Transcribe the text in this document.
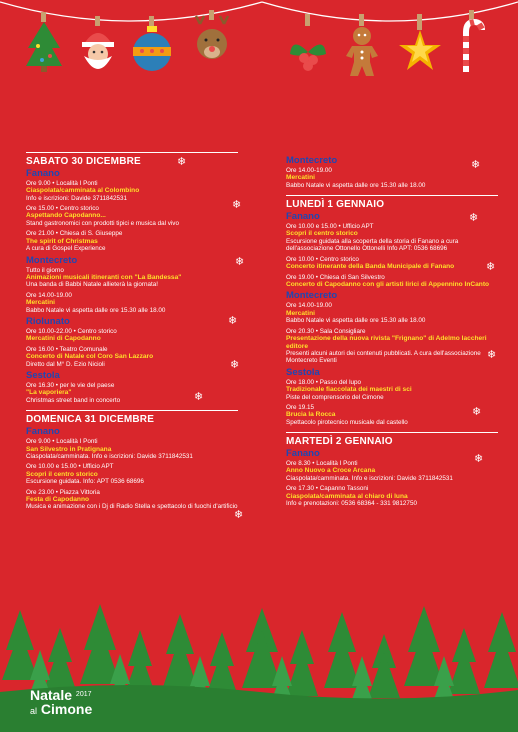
❄
❄
❄
❄
❄
❄
❄
❄
❄
❄
❄
❄
❄
SABATO 30 DICEMBRE
Fanano
Ore 9.00 • Località I Ponti
Ciaspolata/camminata al Colombino
Info e iscrizioni: Davide 3711842531
Ore 15.00 • Centro storico
Aspettando Capodanno...
Stand gastronomici con prodotti tipici e musica dal vivo
Ore 21.00 • Chiesa di S. Giuseppe
The spirit of Christmas
A cura di Gospel Experience
Montecreto
Tutto il giorno
Animazioni musicali itineranti con "La Bandessa"
Una banda di Babbi Natale allieterà la giornata!
Ore 14.00-19.00
Mercatini
Babbo Natale vi aspetta dalle ore 15.30 alle 18.00
Riolunato
Ore 10.00-22.00 • Centro storico
Mercatini di Capodanno
Ore 16.00 • Teatro Comunale
Concerto di Natale col Coro San Lazzaro
Diretto dal M° D. Ezio Nicioli
Sestola
Ore 16.30 • per le vie del paese
"La vaporiera"
Christmas street band in concerto
DOMENICA 31 DICEMBRE
Fanano
Ore 9.00 • Località I Ponti
San Silvestro in Pratignana
Ciaspolata/camminata. Info e iscrizioni: Davide 3711842531
Ore 10.00 e 15.00 • Ufficio APT
Scopri il centro storico
Escursione guidata. Info: APT 0536 68696
Ore 23.00 • Piazza Vittoria
Festa di Capodanno
Musica e animazione con i Dj di Radio Stella e spettacolo di fuochi d'artificio
Montecreto
Ore 14.00-19.00
Mercatini
Babbo Natale vi aspetta dalle ore 15.30 alle 18.00
LUNEDÌ 1 GENNAIO
Fanano
Ore 10.00 e 15.00 • Ufficio APT
Scopri il centro storico
Escursione guidata alla scoperta della storia di Fanano a cura dell'associazione Ottonello Ottonelli Info APT: 0536 68696
Ore 10.00 • Centro storico
Concerto itinerante della Banda Municipale di Fanano
Ore 19.00 • Chiesa di San Silvestro
Concerto di Capodanno con gli artisti lirici di Appennino InCanto
Montecreto
Ore 14.00-19.00
Mercatini
Babbo Natale vi aspetta dalle ore 15.30 alle 18.00
Ore 20.30 • Sala Consigliare
Presentazione della nuova rivista "Frignano" di Adelmo Iaccheri editore
Presenti alcuni autori dei contenuti pubblicati. A cura dell'associazione Montecreto Eventi
Sestola
Ore 18.00 • Passo del lupo
Tradizionale fiaccolata dei maestri di sci
Piste del comprensorio del Cimone
Ore 19.15
Brucia la Rocca
Spettacolo pirotecnico musicale dal castello
MARTEDÌ 2 GENNAIO
Fanano
Ore 8.30 • Località I Ponti
Anno Nuovo a Croce Arcana
Ciaspolata/camminata. Info e iscrizioni: Davide 3711842531
Ore 17.30 • Capanno Tassoni
Ciaspolata/camminata al chiaro di luna
Info e prenotazioni: 0536 68364 - 331 9812750
Natale $^{2017}$
al Cimone
